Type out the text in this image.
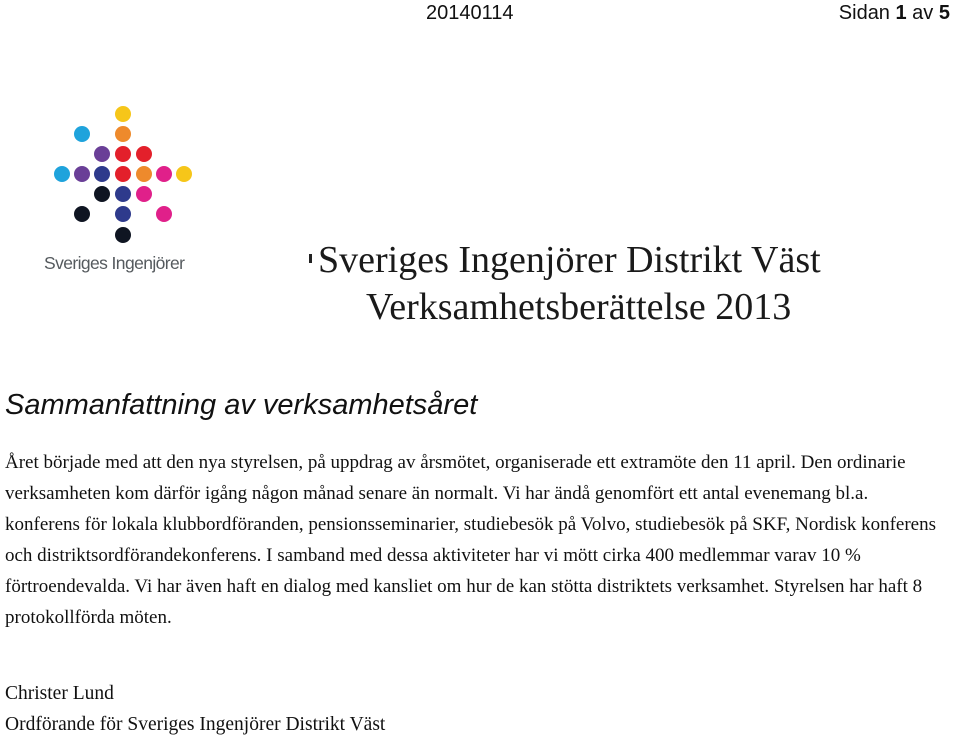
20140114	Sidan 1 av 5
Sveriges Ingenjörer	Sveriges Ingenjörer Distrikt Väst
Verksamhetsberättelse 2013
Sammanfattning av verksamhetsåret

Året började med att den nya styrelsen, på uppdrag av årsmötet, organiserade ett extramöte den 11 april. Den ordinarie verksamheten kom därför igång någon månad senare än normalt. Vi har ändå genomfört ett antal evenemang bl.a. konferens för lokala klubbordföranden, pensionsseminarier, studiebesök på Volvo, studiebesök på SKF, Nordisk konferens och distriktsordförandekonferens. I samband med dessa aktiviteter har vi mött cirka 400 medlemmar varav 10 % förtroendevalda. Vi har även haft en dialog med kansliet om hur de kan stötta distriktets verksamhet. Styrelsen har haft 8 protokollförda möten.

Christer Lund
Ordförande för Sveriges Ingenjörer Distrikt Väst
